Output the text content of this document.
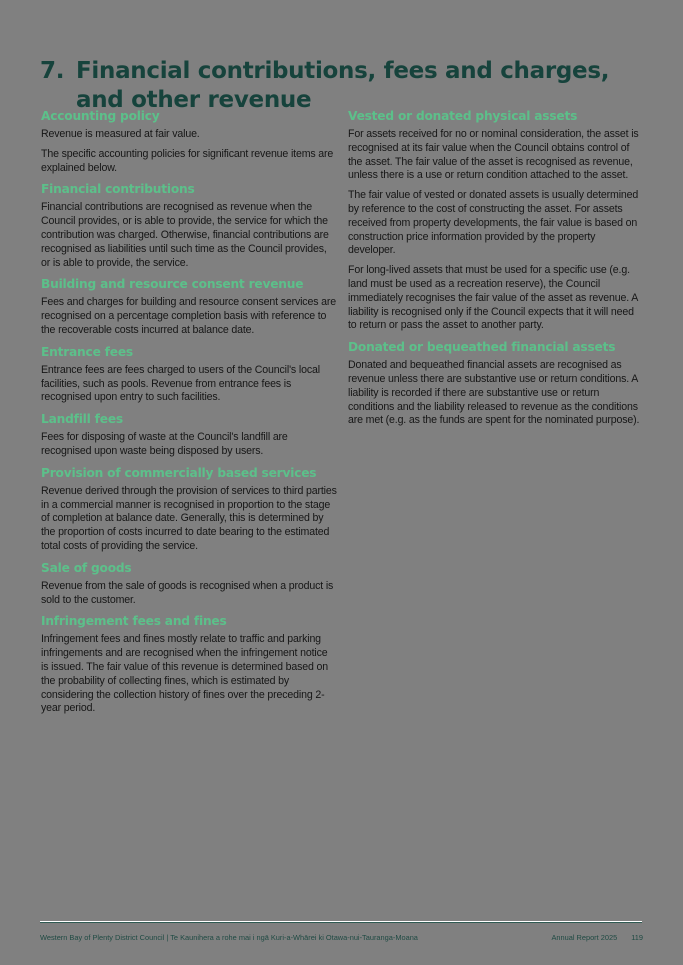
7. Financial contributions, fees and charges, and other revenue
Accounting policy

Revenue is measured at fair value.

The specific accounting policies for significant revenue items are explained below.

Financial contributions

Financial contributions are recognised as revenue when the Council provides, or is able to provide, the service for which the contribution was charged. Otherwise, financial contributions are recognised as liabilities until such time as the Council provides, or is able to provide, the service.

Building and resource consent revenue

Fees and charges for building and resource consent services are recognised on a percentage completion basis with reference to the recoverable costs incurred at balance date.

Entrance fees

Entrance fees are fees charged to users of the Council's local facilities, such as pools. Revenue from entrance fees is recognised upon entry to such facilities.

Landfill fees

Fees for disposing of waste at the Council's landfill are recognised upon waste being disposed by users.

Provision of commercially based services

Revenue derived through the provision of services to third parties in a commercial manner is recognised in proportion to the stage of completion at balance date. Generally, this is determined by the proportion of costs incurred to date bearing to the estimated total costs of providing the service.

Sale of goods

Revenue from the sale of goods is recognised when a product is sold to the customer.

Infringement fees and fines

Infringement fees and fines mostly relate to traffic and parking infringements and are recognised when the infringement notice is issued. The fair value of this revenue is determined based on the probability of collecting fines, which is estimated by considering the collection history of fines over the preceding 2-year period.

Vested or donated physical assets

For assets received for no or nominal consideration, the asset is recognised at its fair value when the Council obtains control of the asset. The fair value of the asset is recognised as revenue, unless there is a use or return condition attached to the asset.

The fair value of vested or donated assets is usually determined by reference to the cost of constructing the asset. For assets received from property developments, the fair value is based on construction price information provided by the property developer.

For long-lived assets that must be used for a specific use (e.g. land must be used as a recreation reserve), the Council immediately recognises the fair value of the asset as revenue. A liability is recognised only if the Council expects that it will need to return or pass the asset to another party.

Donated or bequeathed financial assets

Donated and bequeathed financial assets are recognised as revenue unless there are substantive use or return conditions. A liability is recorded if there are substantive use or return conditions and the liability released to revenue as the conditions are met (e.g. as the funds are spent for the nominated purpose).

Western Bay of Plenty District Council | Te Kaunihera a rohe mai i ngā Kuri-a-Whārei ki Otawa-nui-Tauranga-Moana	Annual Report 2025 119
